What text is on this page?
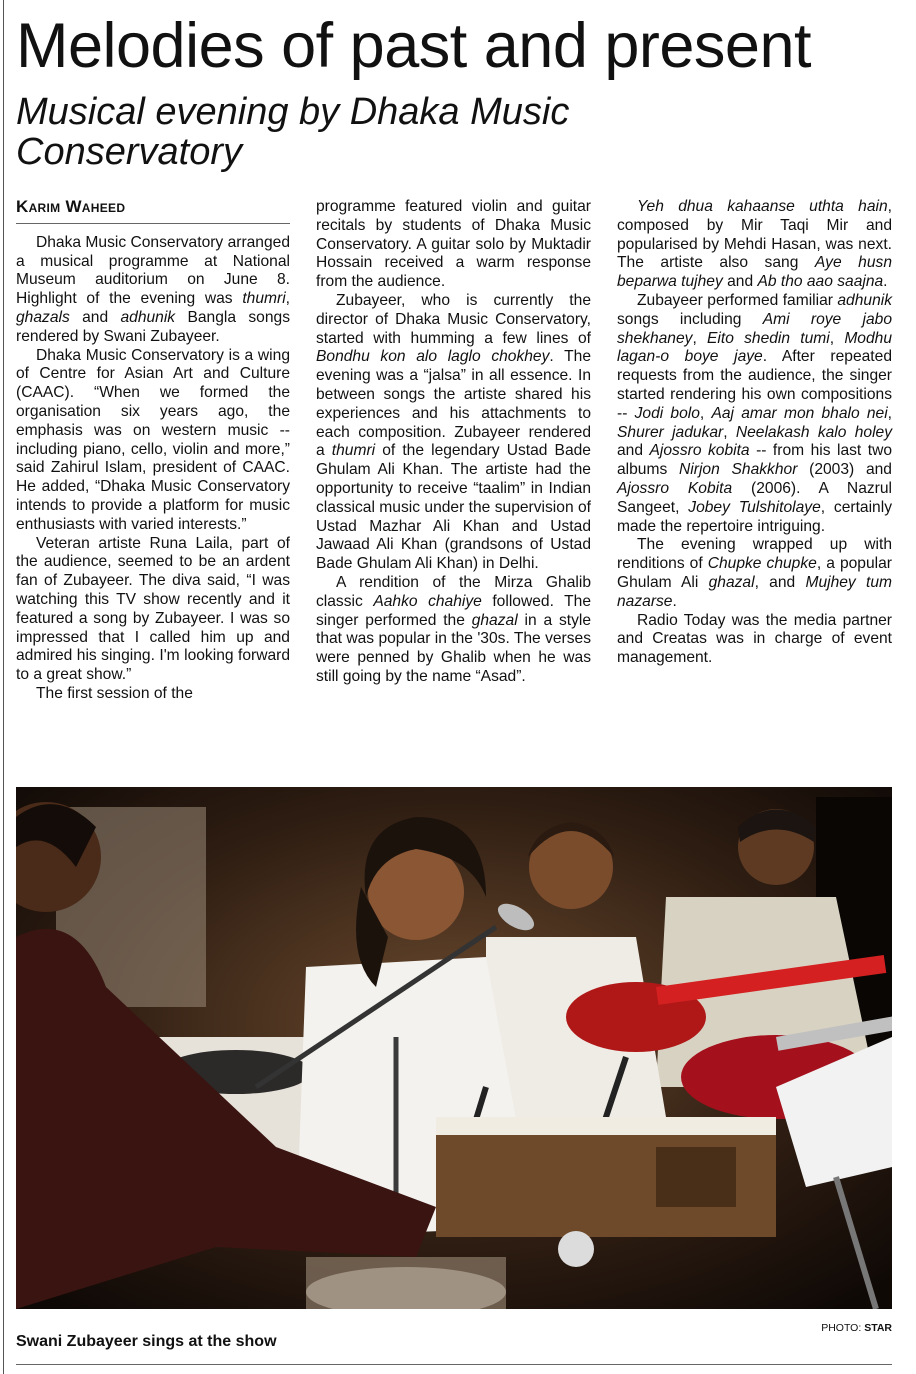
Melodies of past and present
Musical evening by Dhaka Music Conservatory
Karim Waheed

Dhaka Music Conservatory arranged a musical programme at National Museum auditorium on June 8. Highlight of the evening was thumri, ghazals and adhunik Bangla songs rendered by Swani Zubayeer.

Dhaka Music Conservatory is a wing of Centre for Asian Art and Culture (CAAC). “When we formed the organisation six years ago, the emphasis was on western music -- including piano, cello, violin and more,” said Zahirul Islam, president of CAAC. He added, “Dhaka Music Conservatory intends to provide a platform for music enthusiasts with varied interests.”

Veteran artiste Runa Laila, part of the audience, seemed to be an ardent fan of Zubayeer. The diva said, “I was watching this TV show recently and it featured a song by Zubayeer. I was so impressed that I called him up and admired his singing. I'm looking forward to a great show.”

The first session of the

programme featured violin and guitar recitals by students of Dhaka Music Conservatory. A guitar solo by Muktadir Hossain received a warm response from the audience.

Zubayeer, who is currently the director of Dhaka Music Conservatory, started with humming a few lines of Bondhu kon alo laglo chokhey. The evening was a “jalsa” in all essence. In between songs the artiste shared his experiences and his attachments to each composition. Zubayeer rendered a thumri of the legendary Ustad Bade Ghulam Ali Khan. The artiste had the opportunity to receive “taalim” in Indian classical music under the supervision of Ustad Mazhar Ali Khan and Ustad Jawaad Ali Khan (grandsons of Ustad Bade Ghulam Ali Khan) in Delhi.

A rendition of the Mirza Ghalib classic Aahko chahiye followed. The singer performed the ghazal in a style that was popular in the '30s. The verses were penned by Ghalib when he was still going by the name “Asad”.

Yeh dhua kahaanse uthta hain, composed by Mir Taqi Mir and popularised by Mehdi Hasan, was next. The artiste also sang Aye husn beparwa tujhey and Ab tho aao saajna.

Zubayeer performed familiar adhunik songs including Ami roye jabo shekhaney, Eito shedin tumi, Modhu lagan-o boye jaye. After repeated requests from the audience, the singer started rendering his own compositions -- Jodi bolo, Aaj amar mon bhalo nei, Shurer jadukar, Neelakash kalo holey and Ajossro kobita -- from his last two albums Nirjon Shakkhor (2003) and Ajossro Kobita (2006). A Nazrul Sangeet, Jobey Tulshitolaye, certainly made the repertoire intriguing.

The evening wrapped up with renditions of Chupke chupke, a popular Ghulam Ali ghazal, and Mujhey tum nazarse.

Radio Today was the media partner and Creatas was in charge of event management.

Swani Zubayeer sings at the show
PHOTO: STAR
